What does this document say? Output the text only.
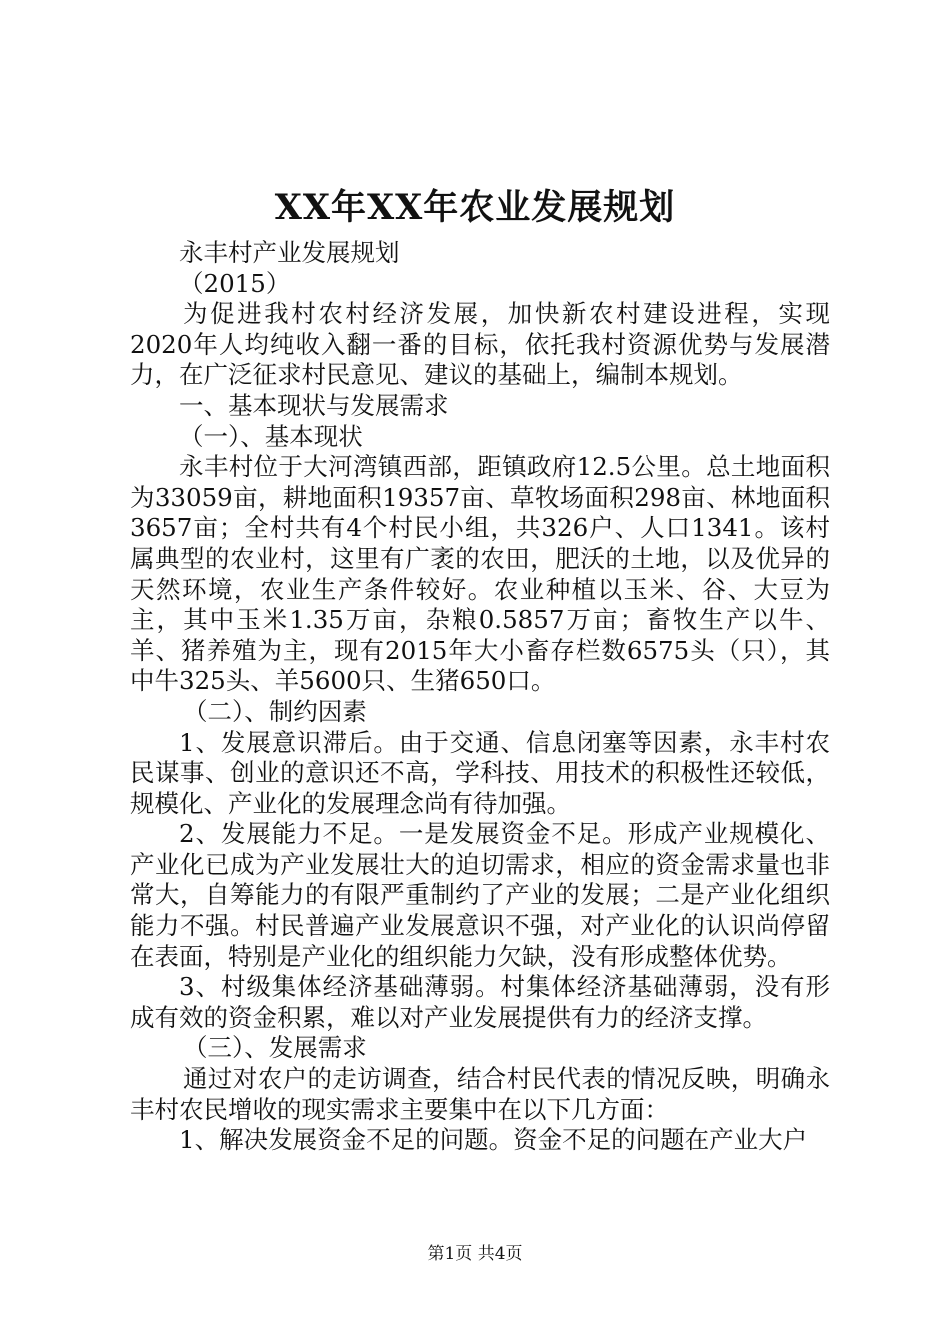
XX年XX年农业发展规划

永丰村产业发展规划

（2015）

为促进我村农村经济发展，加快新农村建设进程，实现2020年人均纯收入翻一番的目标，依托我村资源优势与发展潜力，在广泛征求村民意见、建议的基础上，编制本规划。

一、基本现状与发展需求

（一）、基本现状

永丰村位于大河湾镇西部，距镇政府12.5公里。总土地面积为33059亩，耕地面积19357亩、草牧场面积298亩、林地面积3657亩；全村共有4个村民小组，共326户、人口1341。该村属典型的农业村，这里有广袤的农田，肥沃的土地，以及优异的天然环境，农业生产条件较好。农业种植以玉米、谷、大豆为主，其中玉米1.35万亩，杂粮0.5857万亩；畜牧生产以牛、羊、猪养殖为主，现有2015年大小畜存栏数6575头（只），其中牛325头、羊5600只、生猪650口。

（二）、制约因素

1、发展意识滞后。由于交通、信息闭塞等因素，永丰村农民谋事、创业的意识还不高，学科技、用技术的积极性还较低，规模化、产业化的发展理念尚有待加强。

2、发展能力不足。一是发展资金不足。形成产业规模化、产业化已成为产业发展壮大的迫切需求，相应的资金需求量也非常大，自筹能力的有限严重制约了产业的发展；二是产业化组织能力不强。村民普遍产业发展意识不强，对产业化的认识尚停留在表面，特别是产业化的组织能力欠缺，没有形成整体优势。

3、村级集体经济基础薄弱。村集体经济基础薄弱，没有形成有效的资金积累，难以对产业发展提供有力的经济支撑。

（三）、发展需求

通过对农户的走访调查，结合村民代表的情况反映，明确永丰村农民增收的现实需求主要集中在以下几方面：

1、解决发展资金不足的问题。资金不足的问题在产业大户

第1页 共4页
